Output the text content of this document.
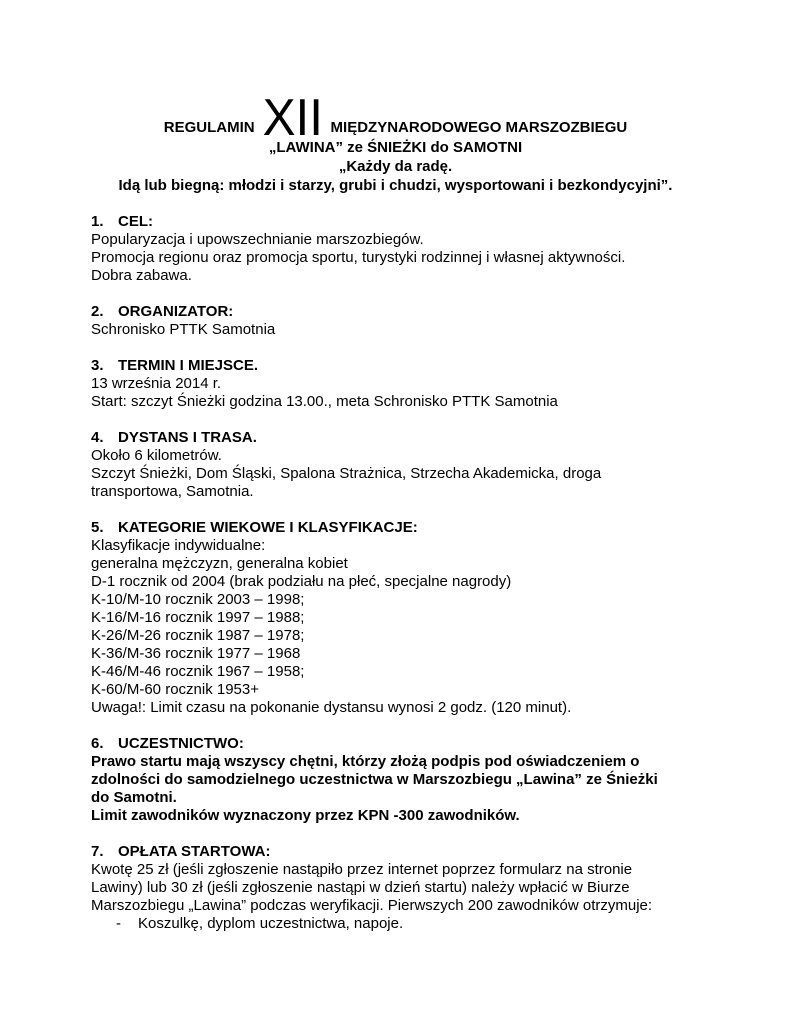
REGULAMIN XII MIĘDZYNARODOWEGO MARSZOZBIEGU
„LAWINA” ze ŚNIEŻKI do SAMOTNI
„Każdy da radę.
Idą lub biegną: młodzi i starzy, grubi i chudzi, wysportowani i bezkondycyjni”.
1. CEL:
Popularyzacja i upowszechnianie marszozbiegów.
Promocja regionu oraz promocja sportu, turystyki rodzinnej i własnej aktywności.
Dobra zabawa.
2. ORGANIZATOR:
Schronisko PTTK Samotnia
3. TERMIN I MIEJSCE.
13 września 2014 r.
Start: szczyt Śnieżki godzina 13.00., meta Schronisko PTTK Samotnia
4. DYSTANS I TRASA.
Około 6 kilometrów.
Szczyt Śnieżki, Dom Śląski, Spalona Strażnica, Strzecha Akademicka, droga
transportowa, Samotnia.
5. KATEGORIE WIEKOWE I KLASYFIKACJE:
Klasyfikacje indywidualne:
generalna mężczyzn, generalna kobiet
D-1 rocznik od 2004 (brak podziału na płeć, specjalne nagrody)
K-10/M-10 rocznik 2003 – 1998;
K-16/M-16 rocznik 1997 – 1988;
K-26/M-26 rocznik 1987 – 1978;
K-36/M-36 rocznik 1977 – 1968
K-46/M-46 rocznik 1967 – 1958;
K-60/M-60 rocznik 1953+
Uwaga!: Limit czasu na pokonanie dystansu wynosi 2 godz. (120 minut).
6. UCZESTNICTWO:
Prawo startu mają wszyscy chętni, którzy złożą podpis pod oświadczeniem o
zdolności do samodzielnego uczestnictwa w Marszozbiegu „Lawina” ze Śnieżki
do Samotni.
Limit zawodników wyznaczony przez KPN -300 zawodników.
7. OPŁATA STARTOWA:
Kwotę 25 zł (jeśli zgłoszenie nastąpiło przez internet poprzez formularz na stronie
Lawiny) lub 30 zł (jeśli zgłoszenie nastąpi w dzień startu) należy wpłacić w Biurze
Marszozbiegu „Lawina” podczas weryfikacji. Pierwszych 200 zawodników otrzymuje:
- Koszulkę, dyplom uczestnictwa, napoje.
